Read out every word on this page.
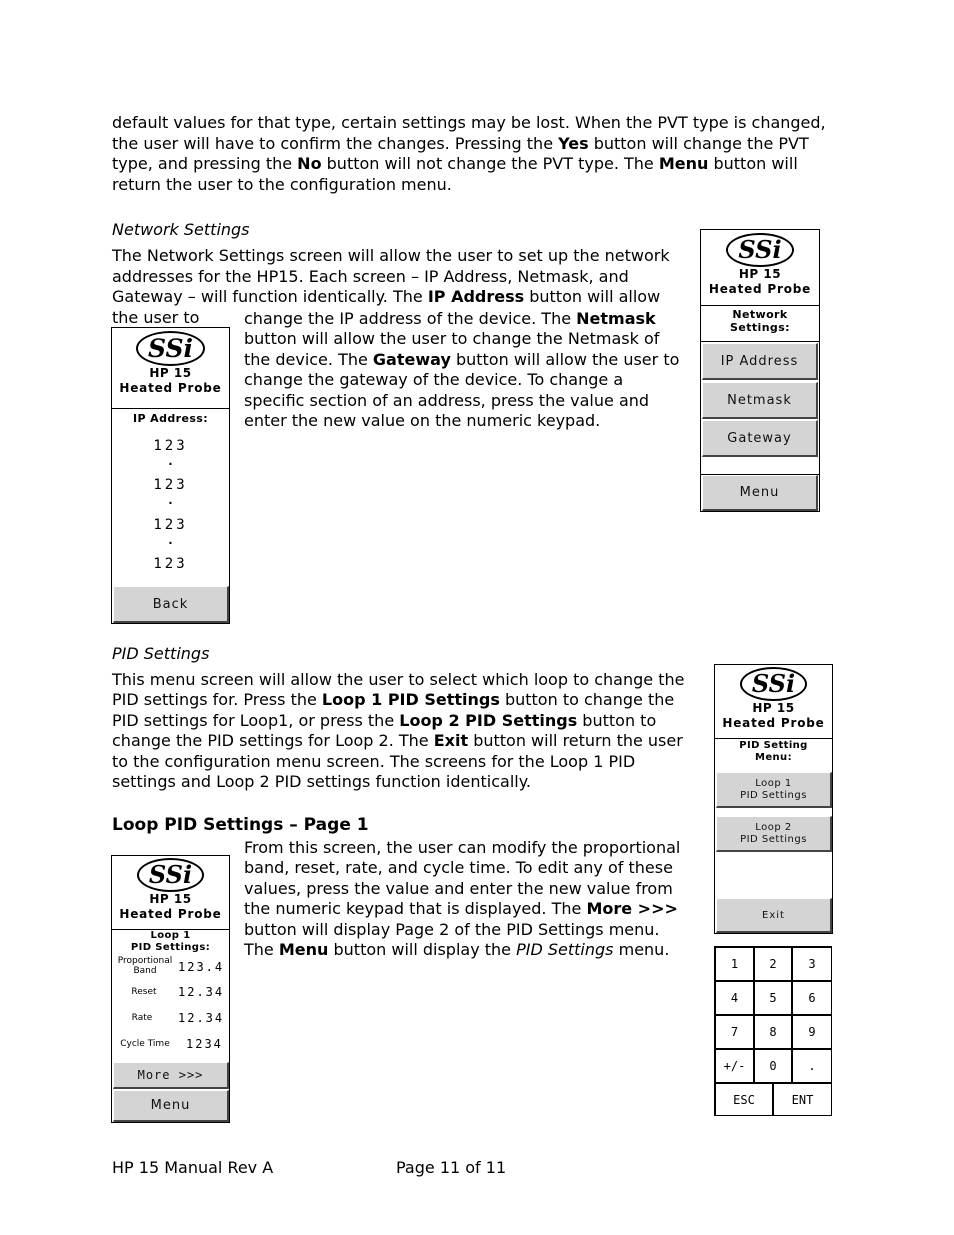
default values for that type, certain settings may be lost. When the PVT type is changed, the user will have to confirm the changes. Pressing the Yes button will change the PVT type, and pressing the No button will not change the PVT type. The Menu button will return the user to the configuration menu.

Network Settings

The Network Settings screen will allow the user to set up the network addresses for the HP15. Each screen – IP Address, Netmask, and Gateway – will function identically. The IP Address button will allow the user to	change the IP address of the device. The Netmask button will allow the user to change the Netmask of the device. The Gateway button will allow the user to change the gateway of the device. To change a specific section of an address, press the value and enter the new value on the numeric keypad.

SSi
HP 15
Heated Probe
Network
Settings:
IP Address
Netmask
Gateway
Menu
SSi
HP 15
Heated Probe
IP Address:
123
.
123
.
123
.
123
Back
PID Settings

This menu screen will allow the user to select which loop to change the PID settings for. Press the Loop 1 PID Settings button to change the PID settings for Loop1, or press the Loop 2 PID Settings button to change the PID settings for Loop 2. The Exit button will return the user to the configuration menu screen. The screens for the Loop 1 PID settings and Loop 2 PID settings function identically.

SSi
HP 15
Heated Probe
PID Setting
Menu:
Loop 1
PID Settings
Loop 2
PID Settings
Exit
Loop PID Settings – Page 1

From this screen, the user can modify the proportional band, reset, rate, and cycle time. To edit any of these values, press the value and enter the new value from the numeric keypad that is displayed. The More >>> button will display Page 2 of the PID Settings menu. The Menu button will display the PID Settings menu.

SSi
HP 15
Heated Probe
Loop 1
PID Settings:
Proportional
Band	123.4
Reset	12.34
Rate	12.34
Cycle Time	1234
More >>>
Menu
1	2	3
4	5	6
7	8	9
+/-	0	.
ESC	ENT
HP 15 Manual Rev A	Page 11 of 11
